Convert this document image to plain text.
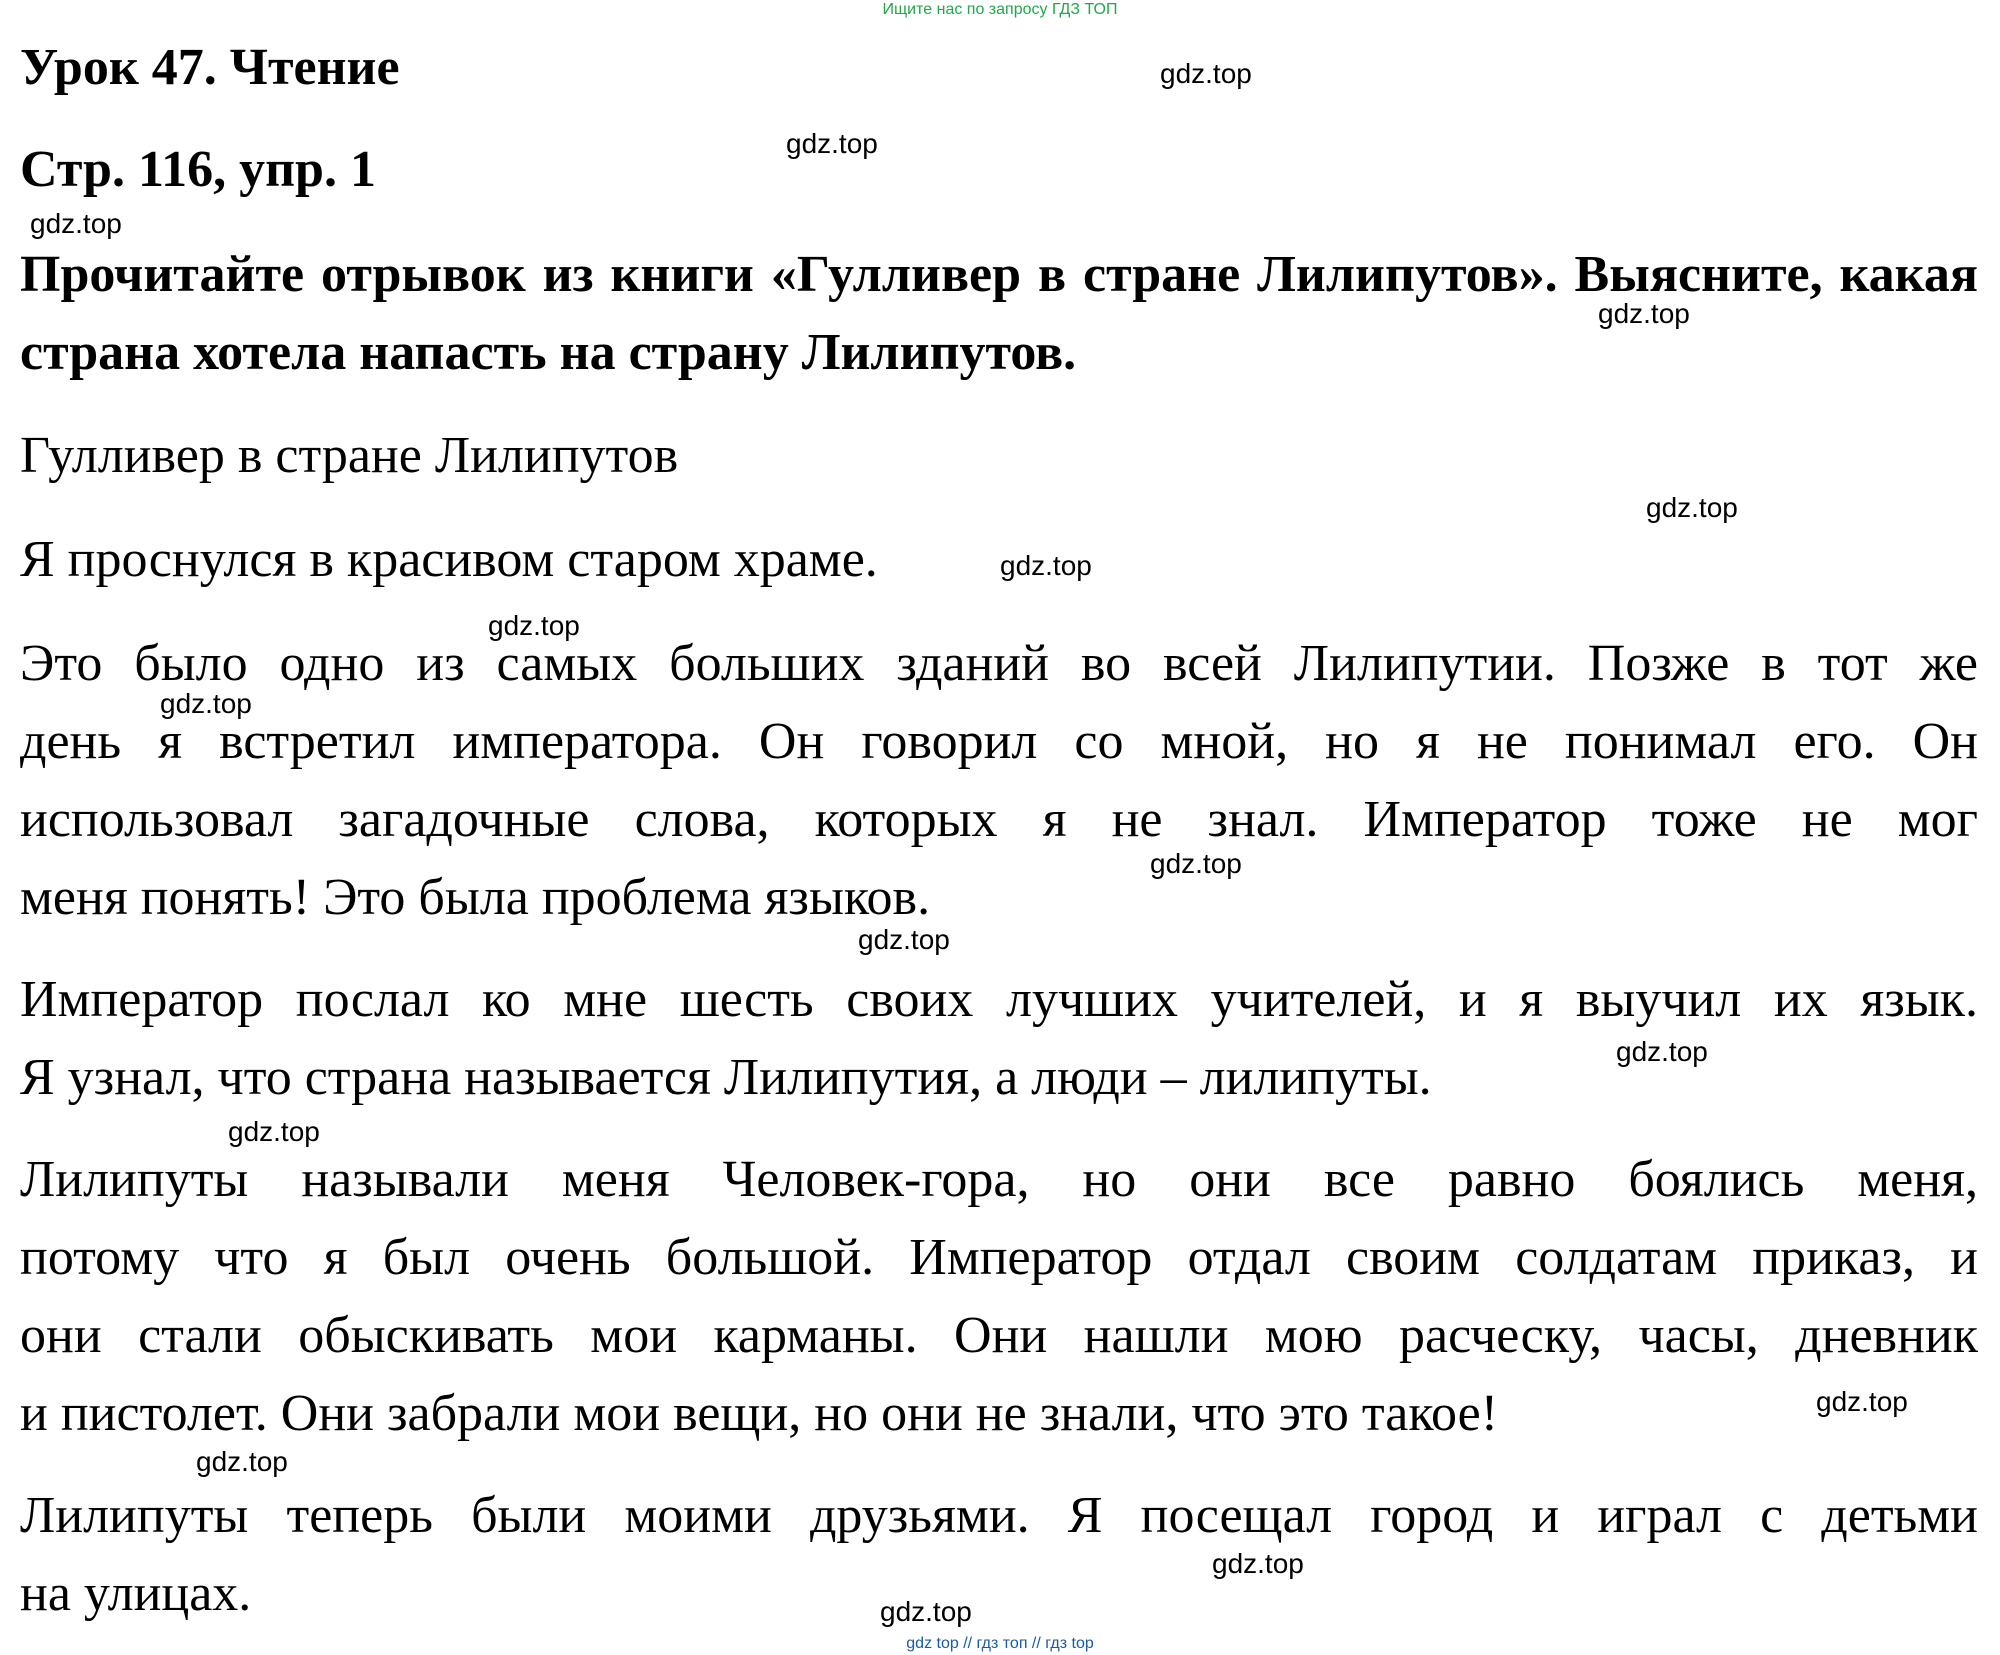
Ищите нас по запросу ГДЗ ТОП
Урок 47. Чтение
Стр. 116, упр. 1

Прочитайте отрывок из книги «Гулливер в стране Лилипутов». Выясните, какая страна хотела напасть на страну Лилипутов.

Гулливер в стране Лилипутов
Я проснулся в красивом старом храме.
Это было одно из самых больших зданий во всей Лилипутии. Позже в тот же
день я встретил императора. Он говорил со мной, но я не понимал его. Он
использовал загадочные слова, которых я не знал. Император тоже не мог
меня понять! Это была проблема языков.
Император послал ко мне шесть своих лучших учителей, и я выучил их язык.
Я узнал, что страна называется Лилипутия, а люди – лилипуты.
Лилипуты называли меня Человек-гора, но они все равно боялись меня,
потому что я был очень большой. Император отдал своим солдатам приказ, и
они стали обыскивать мои карманы. Они нашли мою расческу, часы, дневник
и пистолет. Они забрали мои вещи, но они не знали, что это такое!
Лилипуты теперь были моими друзьями. Я посещал город и играл с детьми
на улицах.
gdz.top
gdz.top
gdz.top
gdz.top
gdz.top
gdz.top
gdz.top
gdz.top
gdz.top
gdz.top
gdz.top
gdz.top
gdz.top
gdz.top
gdz.top
gdz.top
gdz top // гдз топ // гдз top
